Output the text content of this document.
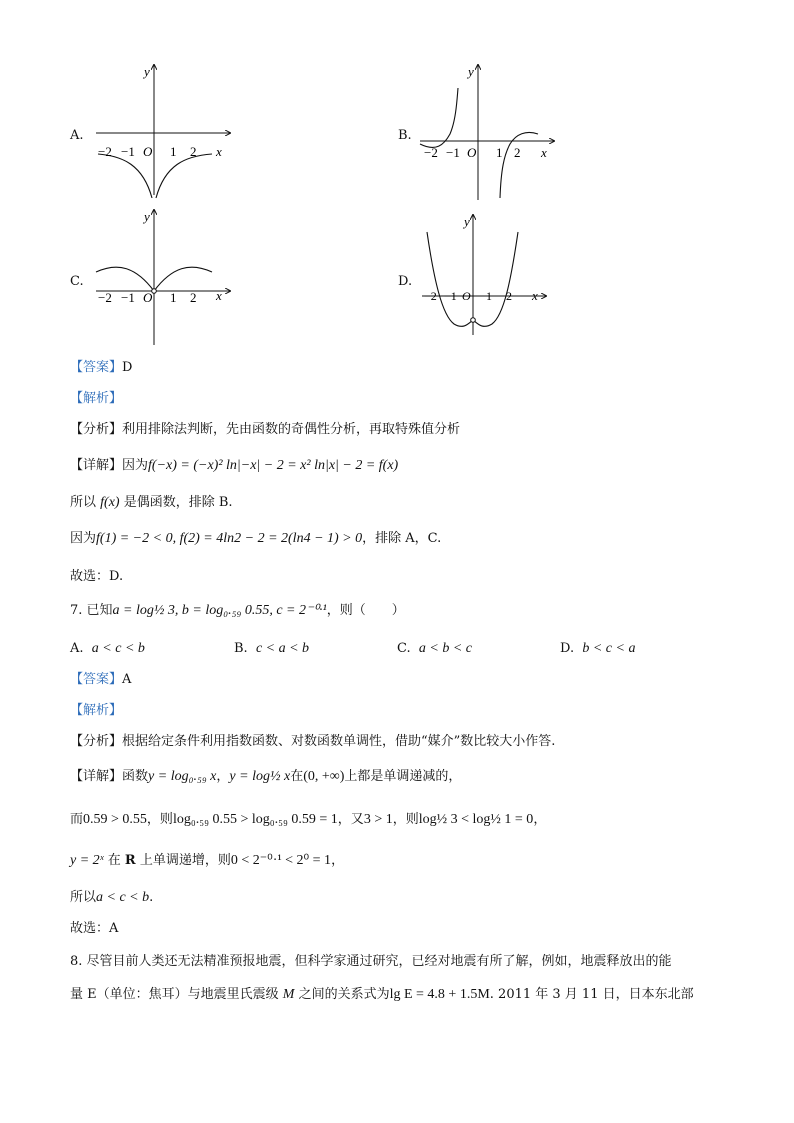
A.
y
x
O
−2 −1	1 2
B.
y
x
O
−2 −1	1 2
C.
y
x
O
−2 −1	1 2
D.
y
x
O
−2 −1 1 2
【答案】D
【解析】
【分析】利用排除法判断，先由函数的奇偶性分析，再取特殊值分析
【详解】因为f(−x) = (−x)² ln|−x| − 2 = x² ln|x| − 2 = f(x)
所以 f(x) 是偶函数，排除 B.
因为f(1) = −2 < 0, f(2) = 4ln2 − 2 = 2(ln4 − 1) > 0，排除 A，C.
故选：D.
7. 已知a = log½ 3, b = log₀.₅₉ 0.55, c = 2⁻⁰·¹，则（　　）
A. a < c < b	B. c < a < b	C. a < b < c	D. b < c < a
【答案】A
【解析】
【分析】根据给定条件利用指数函数、对数函数单调性，借助“媒介”数比较大小作答.
【详解】函数y = log₀.₅₉ x，y = log½ x在(0, +∞)上都是单调递减的，
而0.59 > 0.55，则log₀.₅₉ 0.55 > log₀.₅₉ 0.59 = 1，又3 > 1，则log½ 3 < log½ 1 = 0，
y = 2ˣ 在 R 上单调递增，则0 < 2⁻⁰·¹ < 2⁰ = 1，
所以a < c < b.
故选：A
8. 尽管目前人类还无法精准预报地震，但科学家通过研究，已经对地震有所了解，例如，地震释放出的能
量 E（单位：焦耳）与地震里氏震级 M 之间的关系式为lg E = 4.8 + 1.5M. 2011 年 3 月 11 日，日本东北部
